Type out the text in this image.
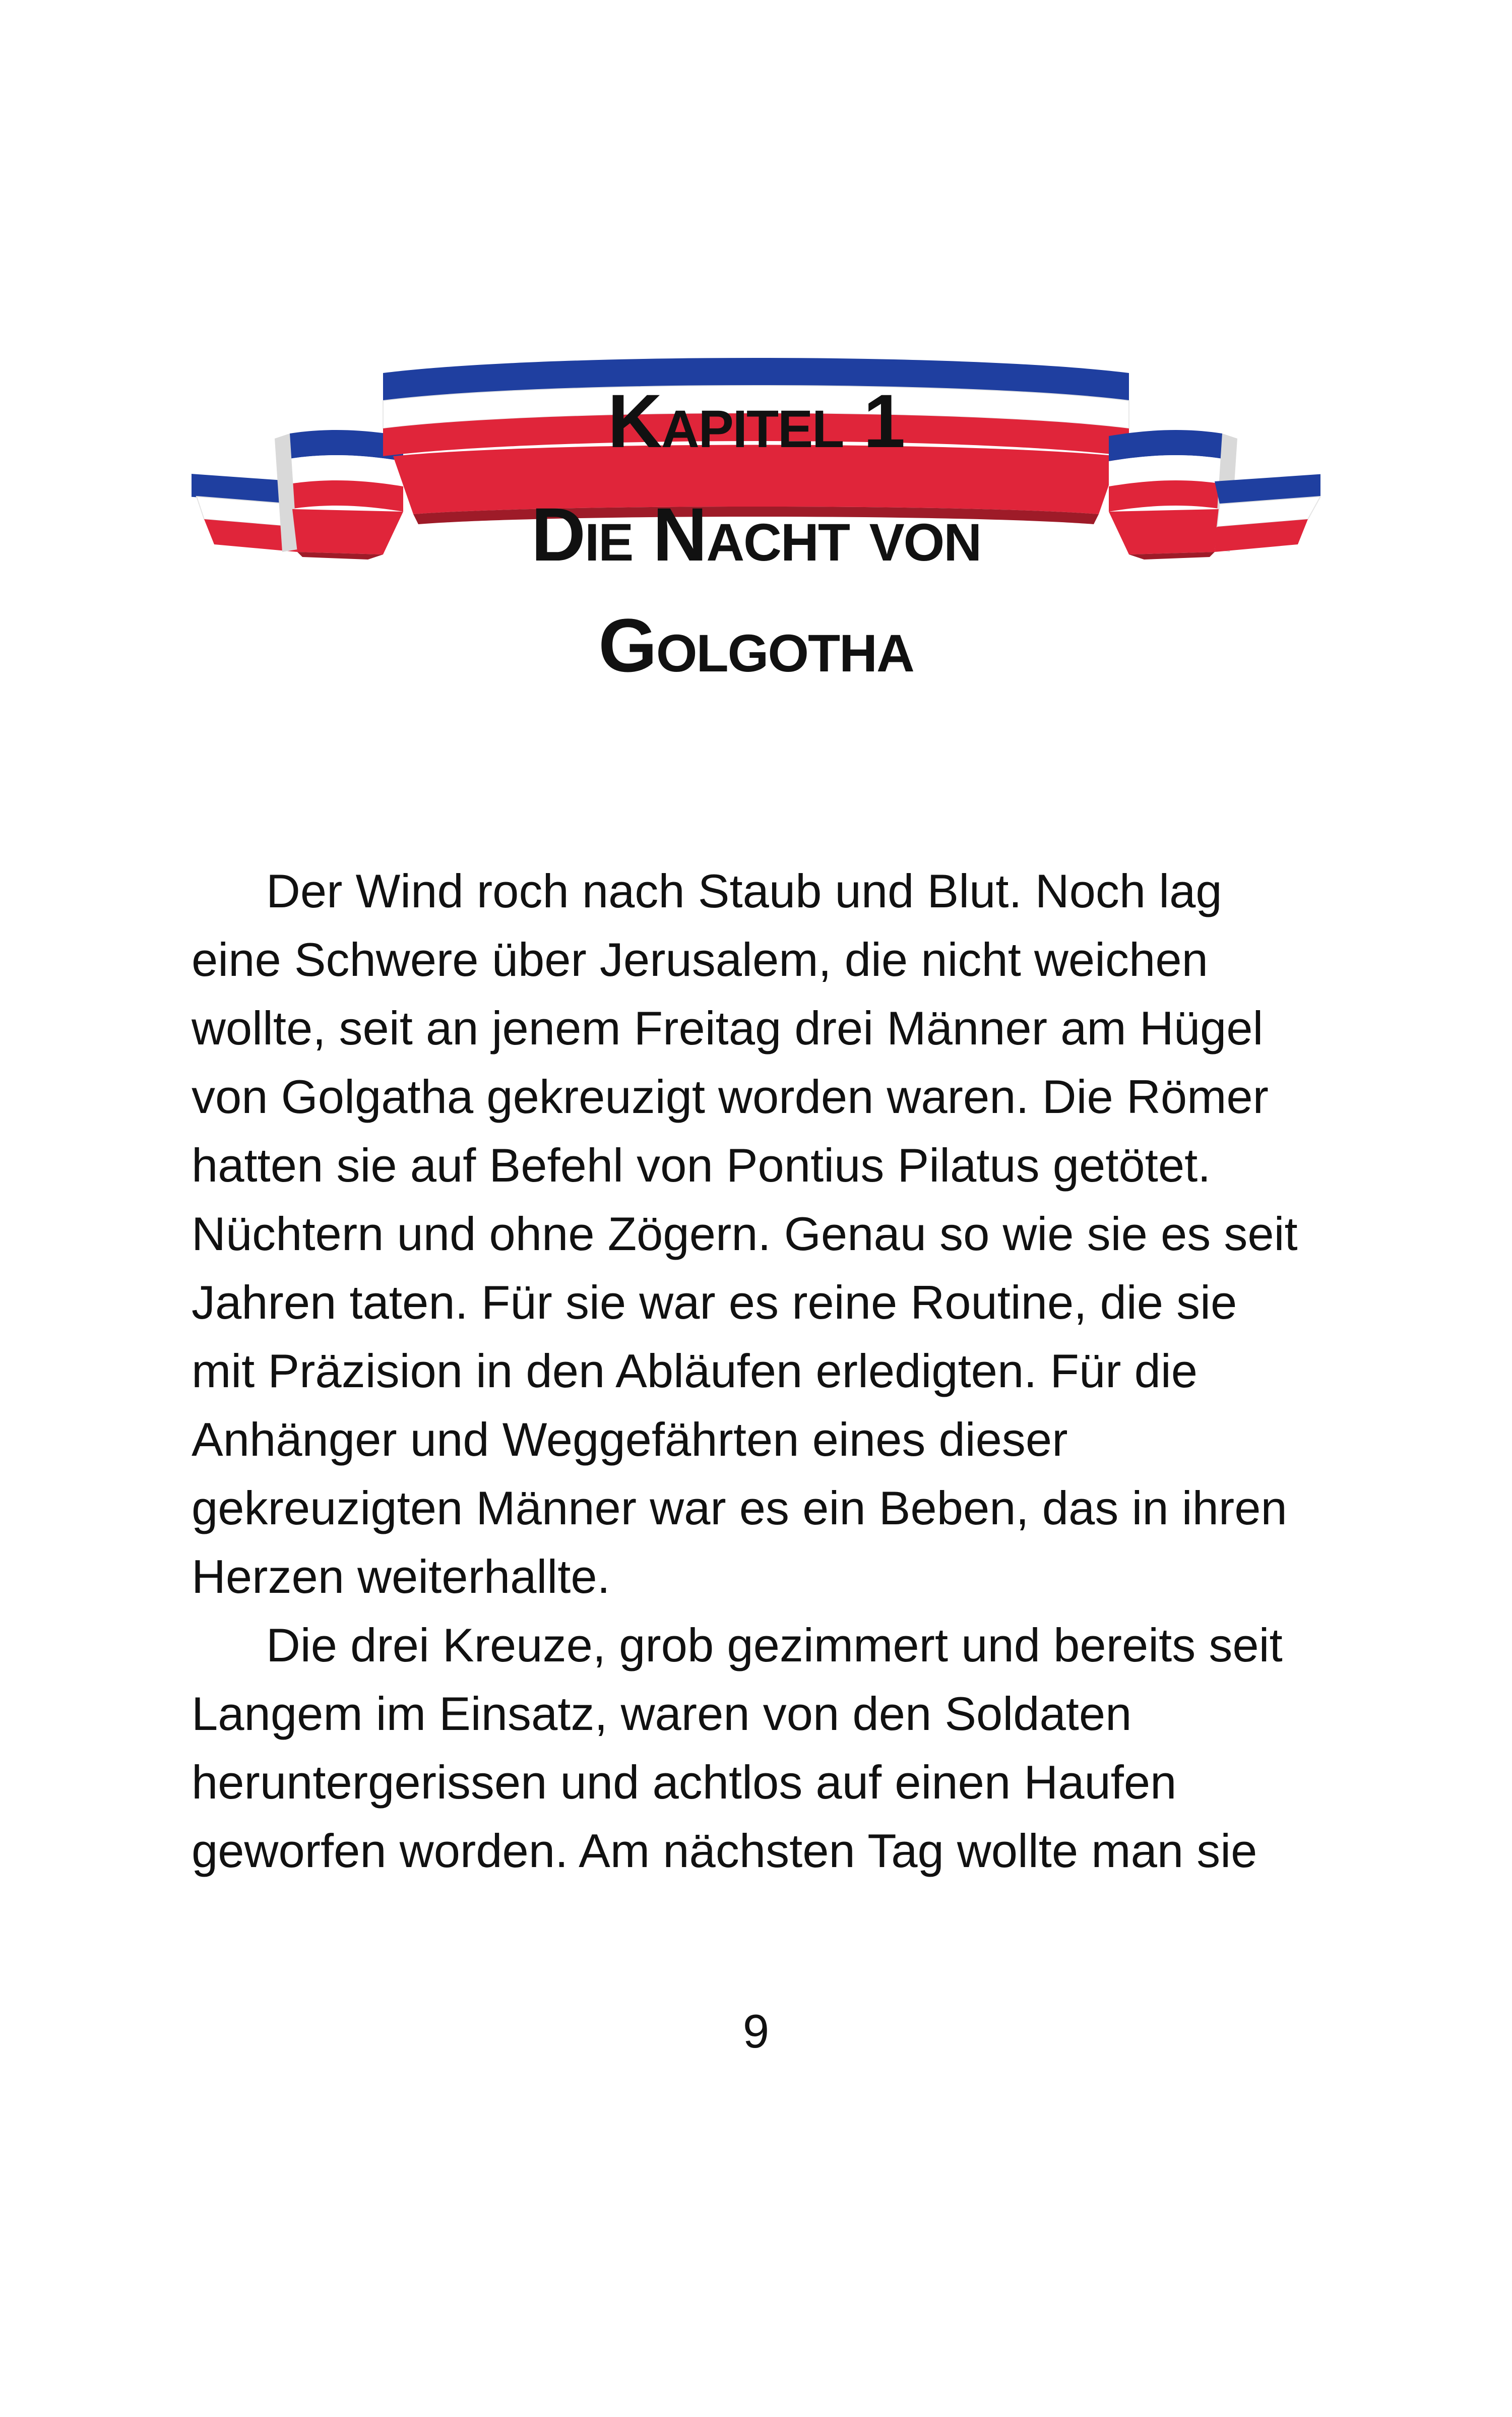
Kapitel 1
Die Nacht von
Golgotha
Der Wind roch nach Staub und Blut. Noch lag
eine Schwere über Jerusalem, die nicht weichen
wollte, seit an jenem Freitag drei Männer am Hügel
von Golgatha gekreuzigt worden waren. Die Römer
hatten sie auf Befehl von Pontius Pilatus getötet.
Nüchtern und ohne Zögern. Genau so wie sie es seit
Jahren taten. Für sie war es reine Routine, die sie
mit Präzision in den Abläufen erledigten. Für die
Anhänger und Weggefährten eines dieser
gekreuzigten Männer war es ein Beben, das in ihren
Herzen weiterhallte.
Die drei Kreuze, grob gezimmert und bereits seit
Langem im Einsatz, waren von den Soldaten
heruntergerissen und achtlos auf einen Haufen
geworfen worden. Am nächsten Tag wollte man sie
9
